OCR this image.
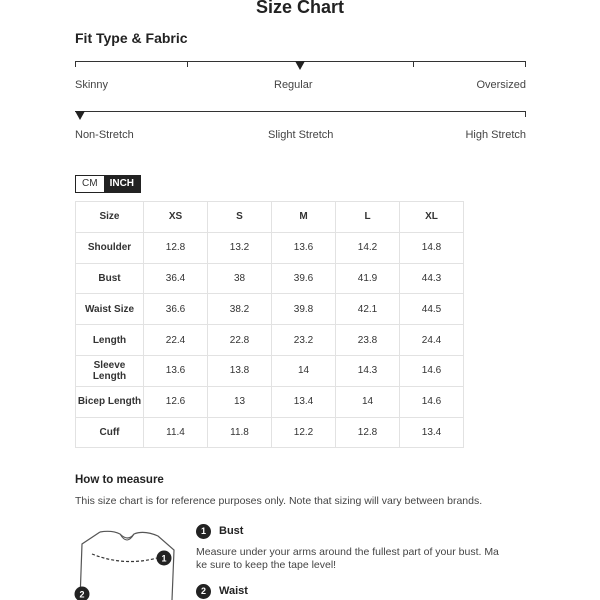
Size Chart
Fit Type & Fabric
Skinny	Regular	Oversized
Non-Stretch	Slight Stretch	High Stretch
CM	INCH
Size	XS	S	M	L	XL
Shoulder	12.8	13.2	13.6	14.2	14.8
Bust	36.4	38	39.6	41.9	44.3
Waist Size	36.6	38.2	39.8	42.1	44.5
Length	22.4	22.8	23.2	23.8	24.4
Sleeve Length	13.6	13.8	14	14.3	14.6
Bicep Length	12.6	13	13.4	14	14.6
Cuff	11.4	11.8	12.2	12.8	13.4
How to measure
This size chart is for reference purposes only. Note that sizing will vary between brands.
1
2
1	Bust
Measure under your arms around the fullest part of your bust. Make sure to keep the tape level!
2	Waist
